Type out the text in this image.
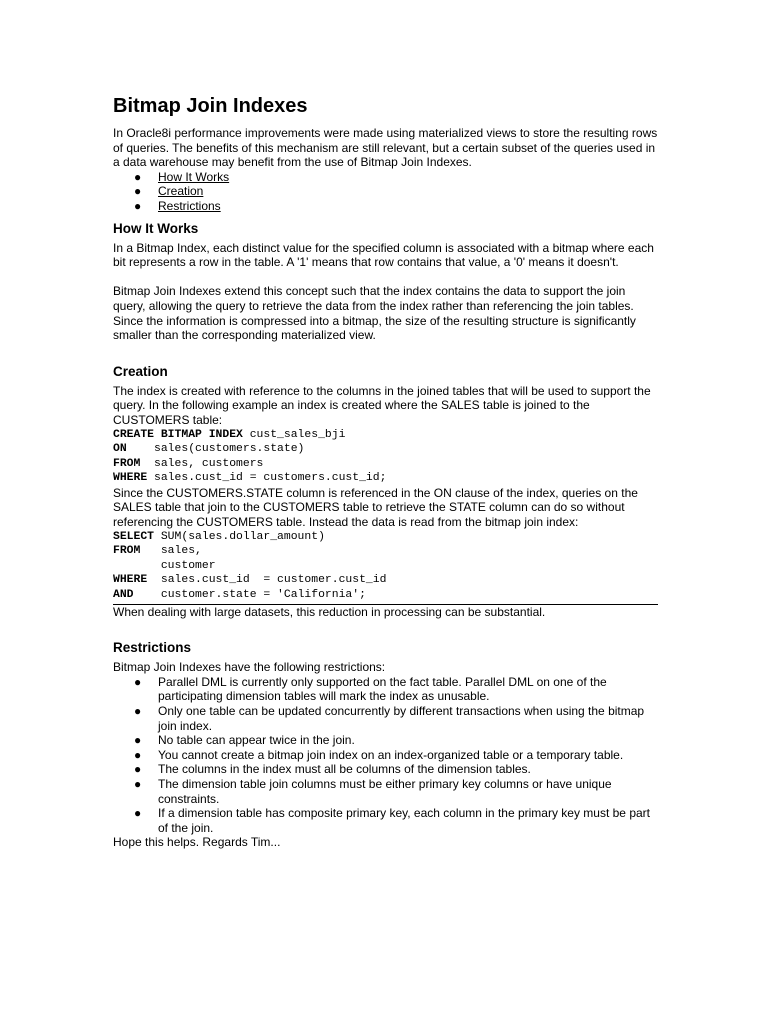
Bitmap Join Indexes

In Oracle8i performance improvements were made using materialized views to store the resulting rows of queries. The benefits of this mechanism are still relevant, but a certain subset of the queries used in a data warehouse may benefit from the use of Bitmap Join Indexes.

● How It Works
● Creation
● Restrictions
How It Works

In a Bitmap Index, each distinct value for the specified column is associated with a bitmap where each bit represents a row in the table. A '1' means that row contains that value, a '0' means it doesn't.

Bitmap Join Indexes extend this concept such that the index contains the data to support the join query, allowing the query to retrieve the data from the index rather than referencing the join tables. Since the information is compressed into a bitmap, the size of the resulting structure is significantly smaller than the corresponding materialized view.

Creation

The index is created with reference to the columns in the joined tables that will be used to support the query. In the following example an index is created where the SALES table is joined to the CUSTOMERS table:

CREATE BITMAP INDEX cust_sales_bji
ON    sales(customers.state)
FROM  sales, customers
WHERE sales.cust_id = customers.cust_id;

Since the CUSTOMERS.STATE column is referenced in the ON clause of the index, queries on the SALES table that join to the CUSTOMERS table to retrieve the STATE column can do so without referencing the CUSTOMERS table. Instead the data is read from the bitmap join index:

SELECT SUM(sales.dollar_amount)
FROM   sales,
customer
WHERE  sales.cust_id  = customer.cust_id
AND    customer.state = 'California';

When dealing with large datasets, this reduction in processing can be substantial.

Restrictions

Bitmap Join Indexes have the following restrictions:

● Parallel DML is currently only supported on the fact table. Parallel DML on one of the participating dimension tables will mark the index as unusable.
● Only one table can be updated concurrently by different transactions when using the bitmap join index.
● No table can appear twice in the join.
● You cannot create a bitmap join index on an index-organized table or a temporary table.
● The columns in the index must all be columns of the dimension tables.
● The dimension table join columns must be either primary key columns or have unique constraints.
● If a dimension table has composite primary key, each column in the primary key must be part of the join.

Hope this helps. Regards Tim...
